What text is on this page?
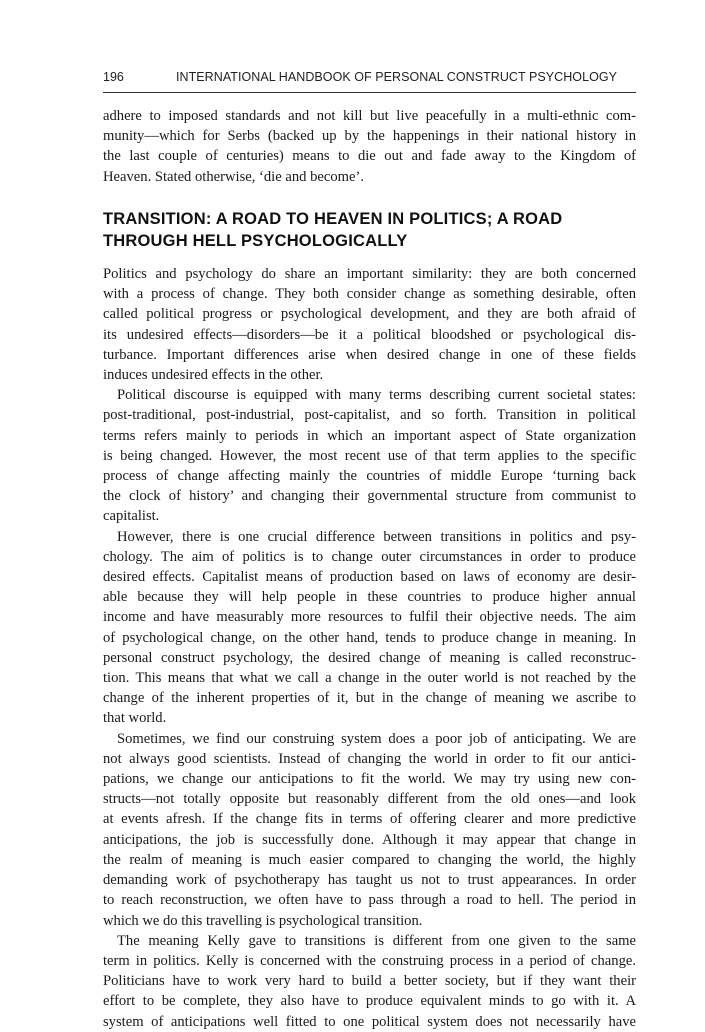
196	INTERNATIONAL HANDBOOK OF PERSONAL CONSTRUCT PSYCHOLOGY

adhere to imposed standards and not kill but live peacefully in a multi-ethnic com-
munity—which for Serbs (backed up by the happenings in their national history in
the last couple of centuries) means to die out and fade away to the Kingdom of
Heaven. Stated otherwise, ‘die and become’.

TRANSITION: A ROAD TO HEAVEN IN POLITICS; A ROAD
THROUGH HELL PSYCHOLOGICALLY

Politics and psychology do share an important similarity: they are both concerned
with a process of change. They both consider change as something desirable, often
called political progress or psychological development, and they are both afraid of
its undesired effects—disorders—be it a political bloodshed or psychological dis-
turbance. Important differences arise when desired change in one of these fields
induces undesired effects in the other.

Political discourse is equipped with many terms describing current societal states:
post-traditional, post-industrial, post-capitalist, and so forth. Transition in political
terms refers mainly to periods in which an important aspect of State organization
is being changed. However, the most recent use of that term applies to the specific
process of change affecting mainly the countries of middle Europe ‘turning back
the clock of history’ and changing their governmental structure from communist to
capitalist.

However, there is one crucial difference between transitions in politics and psy-
chology. The aim of politics is to change outer circumstances in order to produce
desired effects. Capitalist means of production based on laws of economy are desir-
able because they will help people in these countries to produce higher annual
income and have measurably more resources to fulfil their objective needs. The aim
of psychological change, on the other hand, tends to produce change in meaning. In
personal construct psychology, the desired change of meaning is called reconstruc-
tion. This means that what we call a change in the outer world is not reached by the
change of the inherent properties of it, but in the change of meaning we ascribe to
that world.

Sometimes, we find our construing system does a poor job of anticipating. We are
not always good scientists. Instead of changing the world in order to fit our antici-
pations, we change our anticipations to fit the world. We may try using new con-
structs—not totally opposite but reasonably different from the old ones—and look
at events afresh. If the change fits in terms of offering clearer and more predictive
anticipations, the job is successfully done. Although it may appear that change in
the realm of meaning is much easier compared to changing the world, the highly
demanding work of psychotherapy has taught us not to trust appearances. In order
to reach reconstruction, we often have to pass through a road to hell. The period in
which we do this travelling is psychological transition.

The meaning Kelly gave to transitions is different from one given to the same
term in politics. Kelly is concerned with the construing process in a period of change.
Politicians have to work very hard to build a better society, but if they want their
effort to be complete, they also have to produce equivalent minds to go with it. A
system of anticipations well fitted to one political system does not necessarily have
